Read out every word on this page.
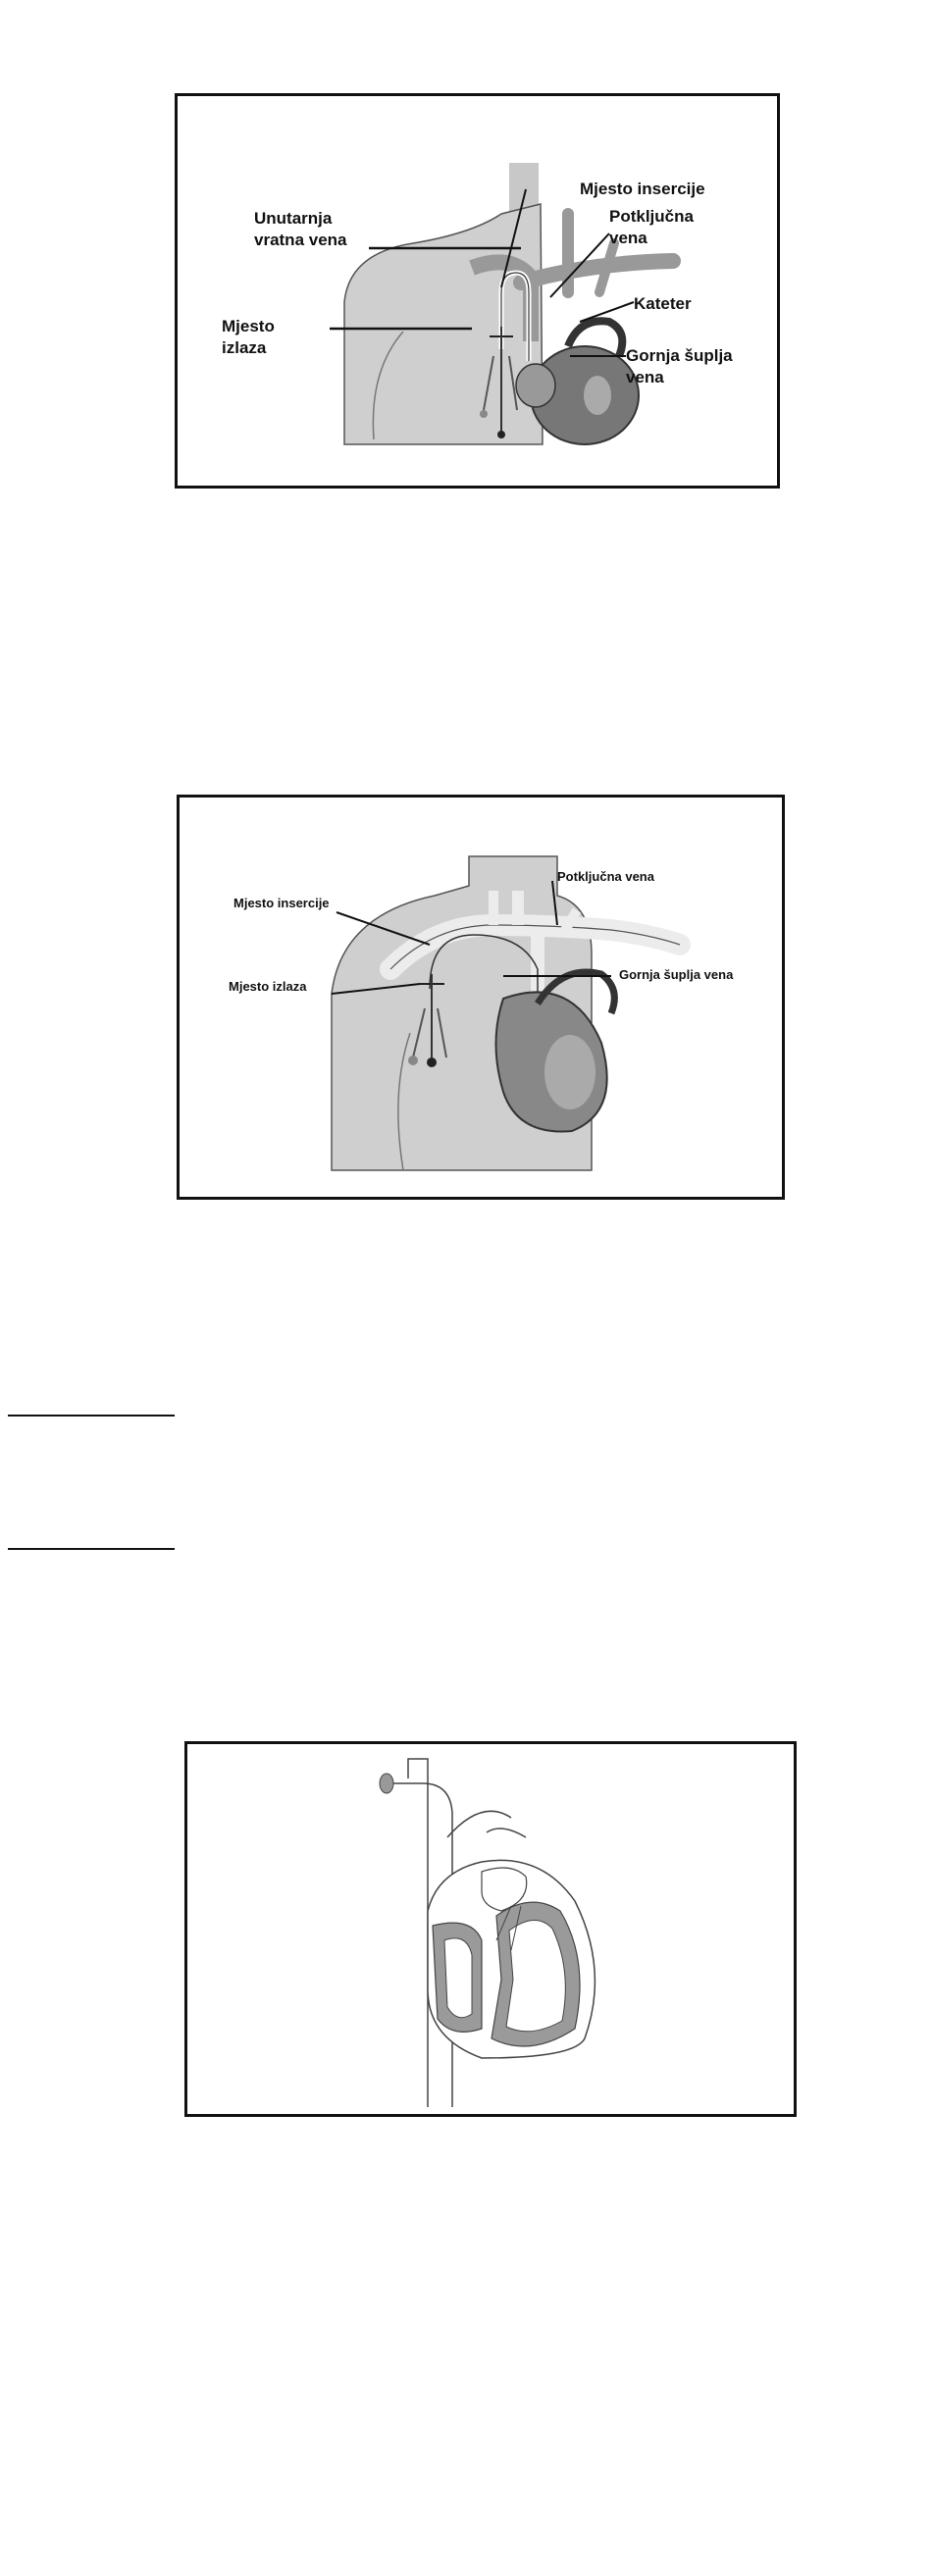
Unutarnja
vratna vena
Mjesto insercije
Potključna
vena
Kateter
Mjesto
izlaza	Gornja šuplja
vena
Potključna vena
Mjesto insercije
Mjesto izlaza
Gornja šuplja vena
